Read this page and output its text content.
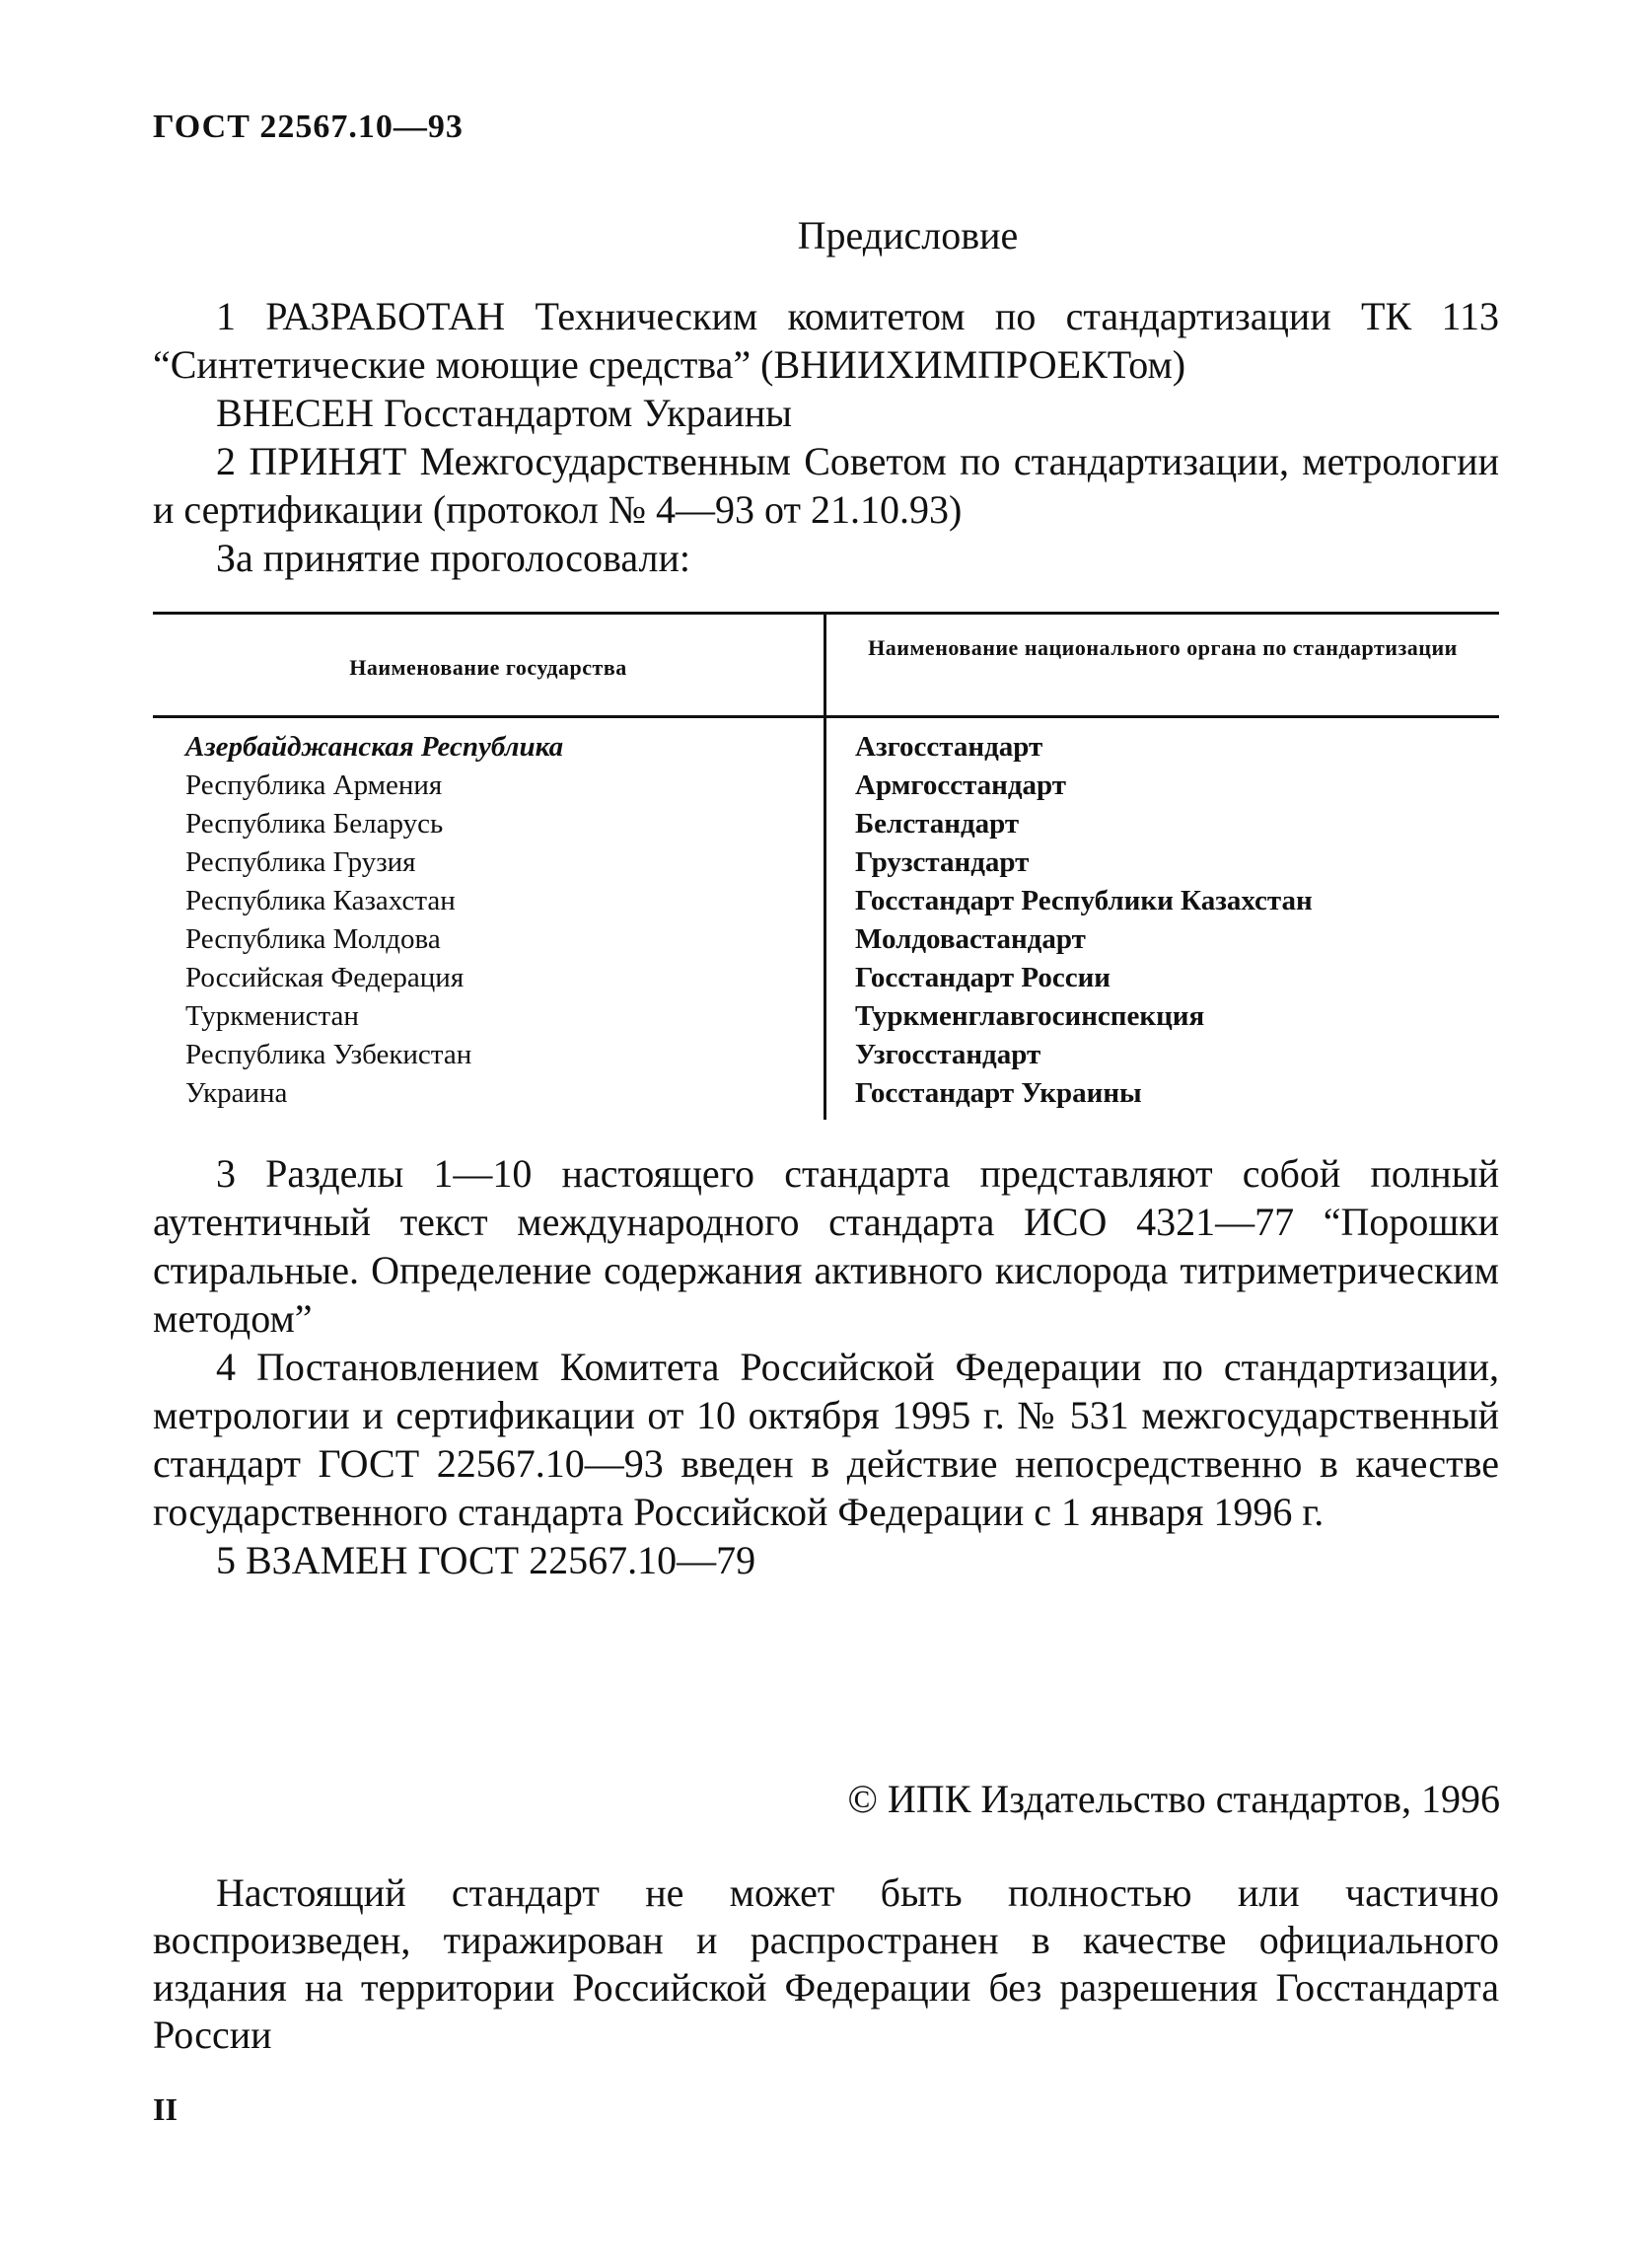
ГОСТ 22567.10—93
Предисловие

1 РАЗРАБОТАН Техническим комитетом по стандартизации ТК 113 “Синтетические моющие средства” (ВНИИХИМПРОЕКТом)

ВНЕСЕН Госстандартом Украины

2 ПРИНЯТ Межгосударственным Советом по стандартизации, метрологии и сертификации (протокол № 4—93 от 21.10.93)

За принятие проголосовали:

Наименование государства
Наименование национального органа по стандартизации
Азербайджанская Республика
Республика Армения
Республика Беларусь
Республика Грузия
Республика Казахстан
Республика Молдова
Российская Федерация
Туркменистан
Республика Узбекистан
Украина
Азгосстандарт
Армгосстандарт
Белстандарт
Грузстандарт
Госстандарт Республики Казахстан
Молдовастандарт
Госстандарт России
Туркменглавгосинспекция
Узгосстандарт
Госстандарт Украины

3 Разделы 1—10 настоящего стандарта представляют собой полный аутентичный текст международного стандарта ИСО 4321—77 “Порошки стиральные. Определение содержания активного кислорода титриметрическим методом”

4 Постановлением Комитета Российской Федерации по стандартизации, метрологии и сертификации от 10 октября 1995 г. № 531 межгосударственный стандарт ГОСТ 22567.10—93 введен в действие непосредственно в качестве государственного стандарта Российской Федерации с 1 января 1996 г.

5 ВЗАМЕН ГОСТ 22567.10—79

© ИПК Издательство стандартов, 1996

Настоящий стандарт не может быть полностью или частично воспроизведен, тиражирован и распространен в качестве официального издания на территории Российской Федерации без разрешения Госстандарта России

II
